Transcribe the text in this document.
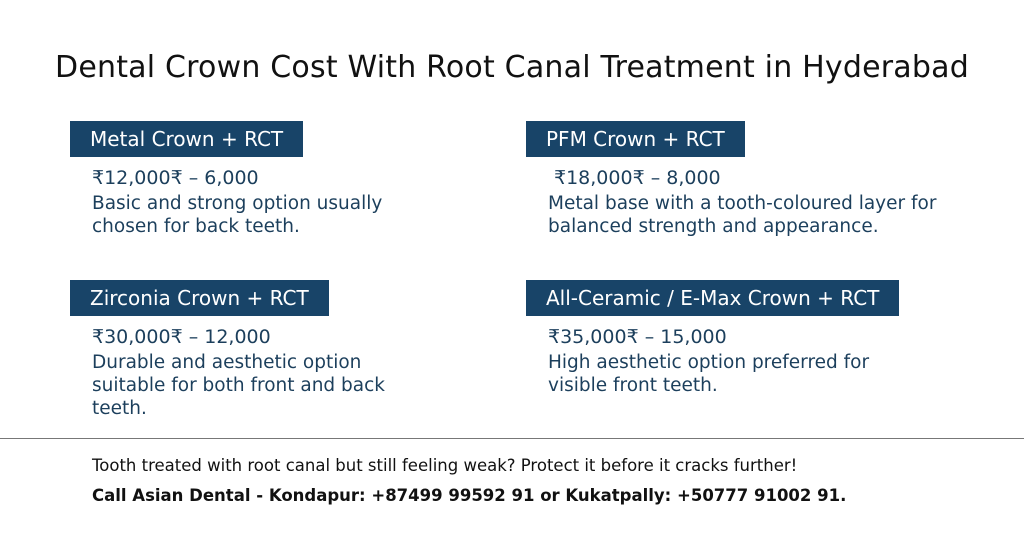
Dental Crown Cost With Root Canal Treatment in Hyderabad
Metal Crown + RCT
₹12,000₹ – 6,000
Basic and strong option usually chosen for back teeth.
PFM Crown + RCT
₹18,000₹ – 8,000
Metal base with a tooth-coloured layer for balanced strength and appearance.
Zirconia Crown + RCT
₹30,000₹ – 12,000
Durable and aesthetic option suitable for both front and back teeth.
All-Ceramic / E-Max Crown + RCT
₹35,000₹ – 15,000
High aesthetic option preferred for visible front teeth.
Tooth treated with root canal but still feeling weak? Protect it before it cracks further!
Call Asian Dental - Kondapur: +87499 99592 91 or Kukatpally: +50777 91002 91.
